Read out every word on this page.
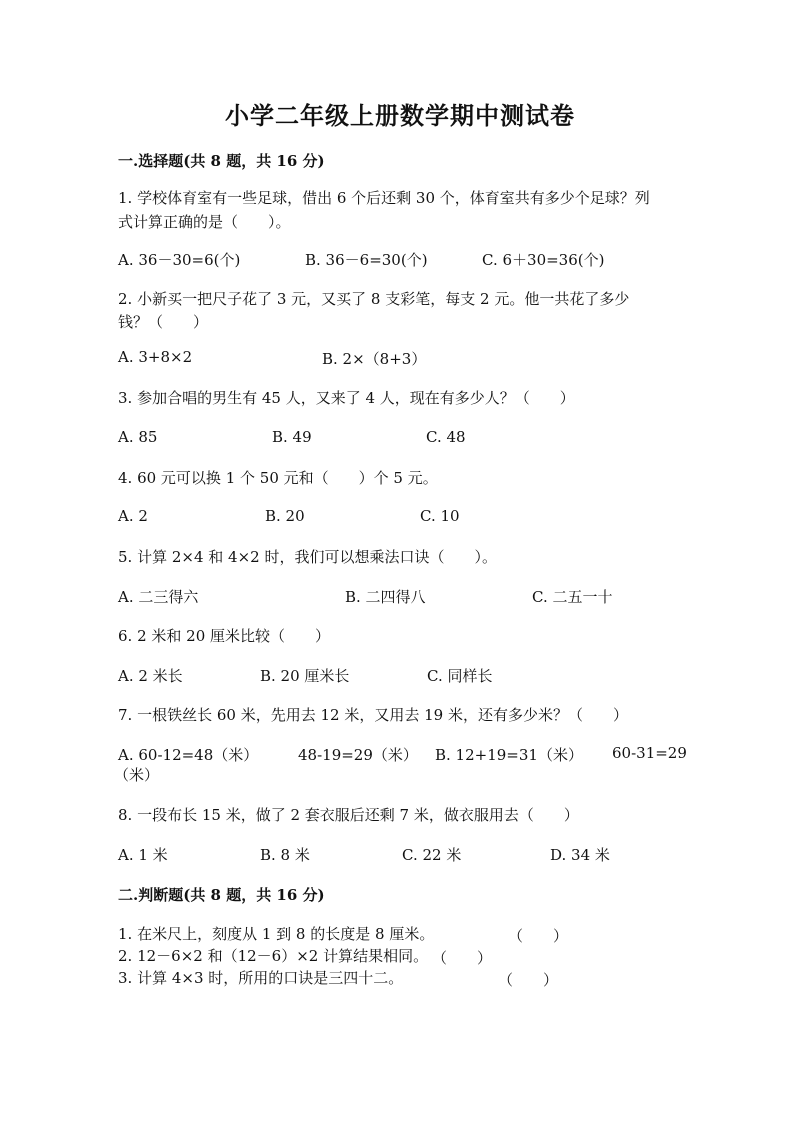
小学二年级上册数学期中测试卷
一.选择题(共 8 题，共 16 分)
1. 学校体育室有一些足球，借出 6 个后还剩 30 个，体育室共有多少个足球？列
式计算正确的是（　　）。
A. 36－30=6(个)	B. 36－6=30(个)	C. 6＋30=36(个)
2. 小新买一把尺子花了 3 元，又买了 8 支彩笔，每支 2 元。他一共花了多少
钱？（　　）
A. 3+8×2	B. 2×（8+3）
3. 参加合唱的男生有 45 人，又来了 4 人，现在有多少人？（　　）
A. 85	B. 49	C. 48
4. 60 元可以换 1 个 50 元和（　　）个 5 元。
A. 2	B. 20	C. 10
5. 计算 2×4 和 4×2 时，我们可以想乘法口诀（　　）。
A. 二三得六	B. 二四得八	C. 二五一十
6. 2 米和 20 厘米比较（　　）
A. 2 米长	B. 20 厘米长	C. 同样长
7. 一根铁丝长 60 米，先用去 12 米，又用去 19 米，还有多少米？（　　）
A. 60-12=48（米）	48-19=29（米） B. 12+19=31（米） 60-31=29
（米）
8. 一段布长 15 米，做了 2 套衣服后还剩 7 米，做衣服用去（　　）
A. 1 米	B. 8 米	C. 22 米	D. 34 米
二.判断题(共 8 题，共 16 分)
1. 在米尺上，刻度从 1 到 8 的长度是 8 厘米。	（　　）
2. 12－6×2 和（12－6）×2 计算结果相同。 （　　）
3. 计算 4×3 时，所用的口诀是三四十二。	（　　）
